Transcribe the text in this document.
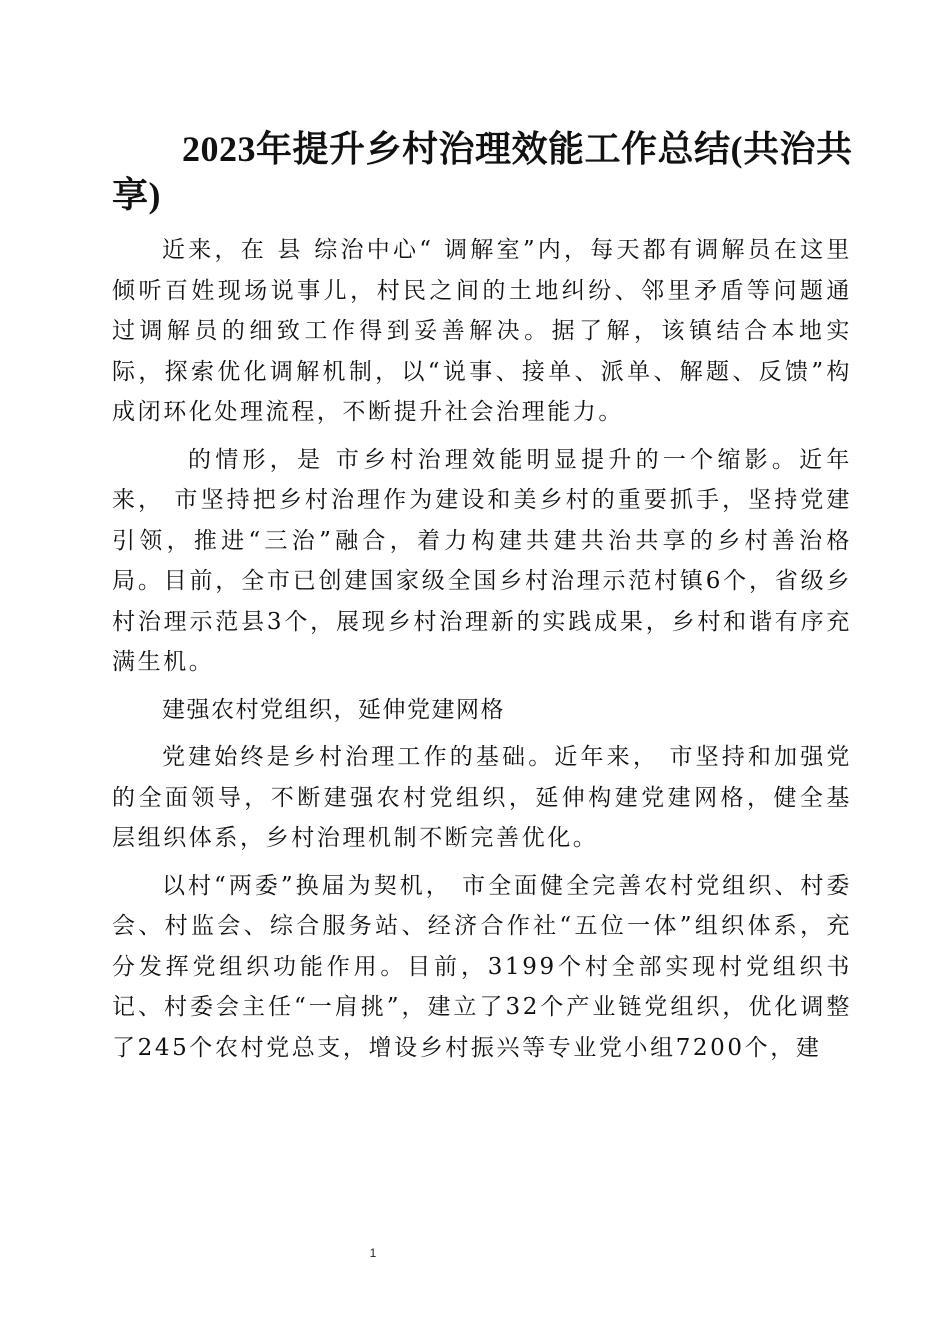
2023年提升乡村治理效能工作总结(共治共享)

近来，在 县 综治中心“ 调解室”内，每天都有调解员在这里倾听百姓现场说事儿，村民之间的土地纠纷、邻里矛盾等问题通过调解员的细致工作得到妥善解决。据了解，该镇结合本地实际，探索优化调解机制，以“说事、接单、派单、解题、反馈”构成闭环化处理流程，不断提升社会治理能力。

的情形，是 市乡村治理效能明显提升的一个缩影。近年来， 市坚持把乡村治理作为建设和美乡村的重要抓手，坚持党建引领，推进“三治”融合，着力构建共建共治共享的乡村善治格局。目前，全市已创建国家级全国乡村治理示范村镇6个，省级乡村治理示范县3个，展现乡村治理新的实践成果，乡村和谐有序充满生机。

建强农村党组织，延伸党建网格

党建始终是乡村治理工作的基础。近年来， 市坚持和加强党的全面领导，不断建强农村党组织，延伸构建党建网格，健全基层组织体系，乡村治理机制不断完善优化。

以村“两委”换届为契机， 市全面健全完善农村党组织、村委会、村监会、综合服务站、经济合作社“五位一体”组织体系，充分发挥党组织功能作用。目前，3199个村全部实现村党组织书记、村委会主任“一肩挑”，建立了32个产业链党组织，优化调整了245个农村党总支，增设乡村振兴等专业党小组7200个，建

1
